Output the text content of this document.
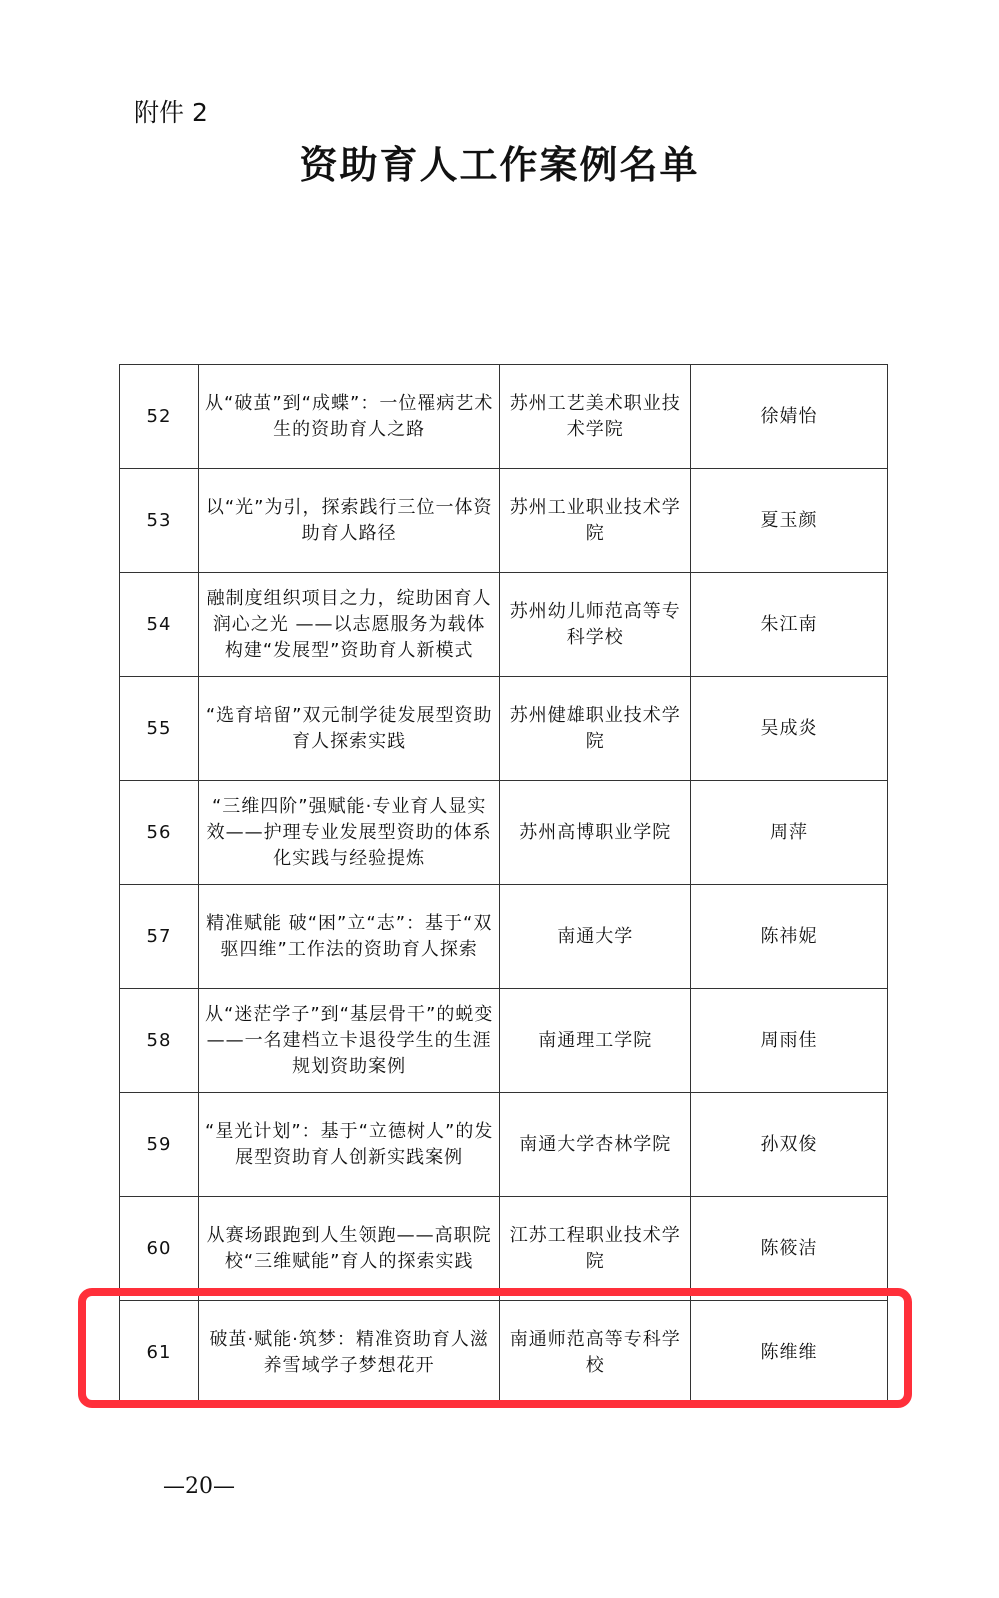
附件 2
资助育人工作案例名单
52	从“破茧”到“成蝶”：一位罹病艺术生的资助育人之路	苏州工艺美术职业技术学院	徐婧怡
53	以“光”为引，探索践行三位一体资助育人路径	苏州工业职业技术学院	夏玉颜
54	融制度组织项目之力，绽助困育人润心之光 ——以志愿服务为载体构建“发展型”资助育人新模式	苏州幼儿师范高等专科学校	朱江南
55	“选育培留”双元制学徒发展型资助育人探索实践	苏州健雄职业技术学院	吴成炎
56	“三维四阶”强赋能·专业育人显实效——护理专业发展型资助的体系化实践与经验提炼	苏州高博职业学院	周萍
57	精准赋能 破“困”立“志”：基于“双驱四维”工作法的资助育人探索	南通大学	陈祎妮
58	从“迷茫学子”到“基层骨干”的蜕变——一名建档立卡退役学生的生涯规划资助案例	南通理工学院	周雨佳
59	“星光计划”：基于“立德树人”的发展型资助育人创新实践案例	南通大学杏林学院	孙双俊
60	从赛场跟跑到人生领跑——高职院校“三维赋能”育人的探索实践	江苏工程职业技术学院	陈筱洁
61	破茧·赋能·筑梦：精准资助育人滋养雪域学子梦想花开	南通师范高等专科学校	陈维维
—20—
